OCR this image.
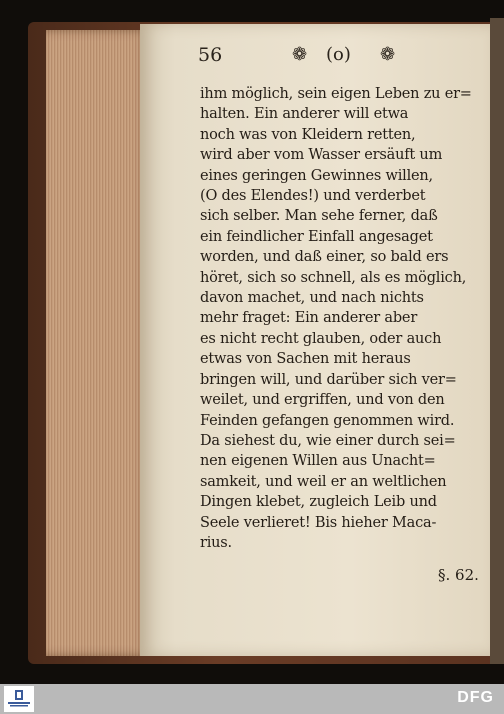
56	❁ (o) ❁
ihm möglich, sein eigen Leben zu er=
halten. Ein anderer will etwa
noch was von Kleidern retten,
wird aber vom Wasser ersäuft um
eines geringen Gewinnes willen,
(O des Elendes!) und verderbet
sich selber. Man sehe ferner, daß
ein feindlicher Einfall angesaget
worden, und daß einer, so bald ers
höret, sich so schnell, als es möglich,
davon machet, und nach nichts
mehr fraget: Ein anderer aber
es nicht recht glauben, oder auch
etwas von Sachen mit heraus
bringen will, und darüber sich ver=
weilet, und ergriffen, und von den
Feinden gefangen genommen wird.
Da siehest du, wie einer durch sei=
nen eigenen Willen aus Unacht=
samkeit, und weil er an weltlichen
Dingen klebet, zugleich Leib und
Seele verlieret! Bis hieher Maca-
rius.
§. 62.
DFG
